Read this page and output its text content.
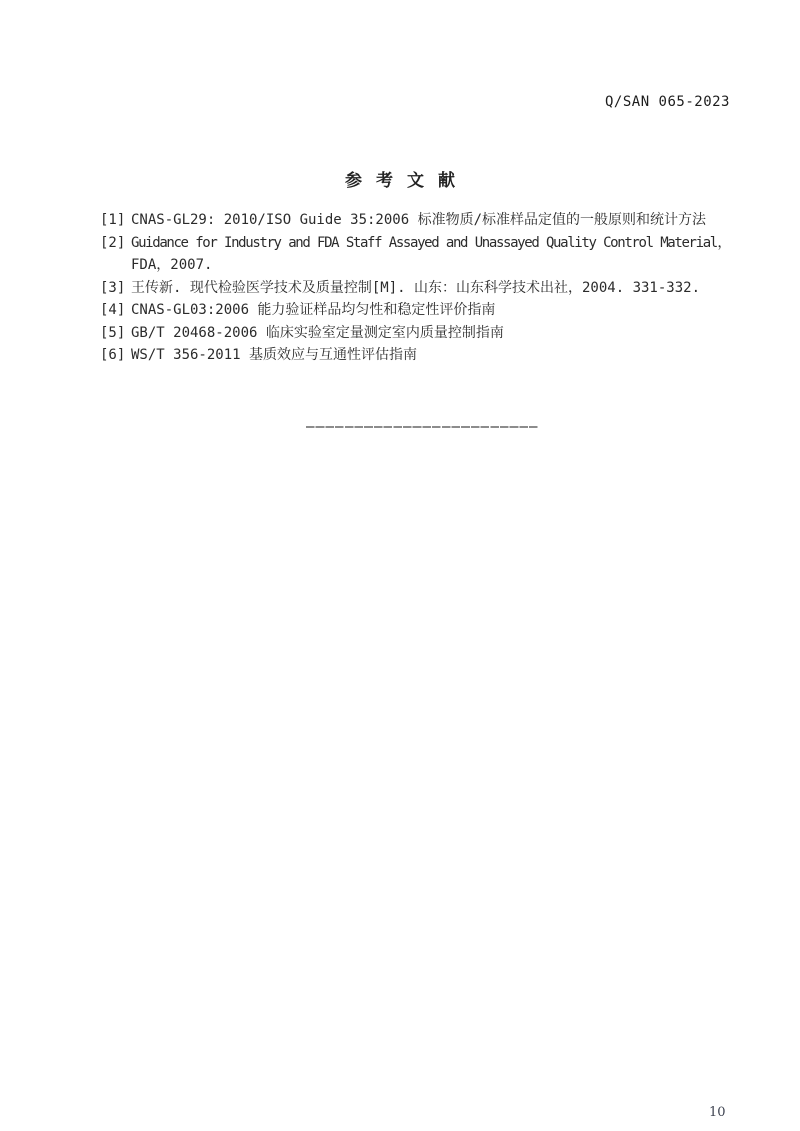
Q/SAN 065-2023
参考文献
[1] CNAS-GL29: 2010/ISO Guide 35:2006 标准物质/标准样品定值的一般原则和统计方法
[2] Guidance for Industry and FDA Staff Assayed and Unassayed Quality Control Material，
FDA，2007.
[3] 王传新. 现代检验医学技术及质量控制[M]. 山东：山东科学技术出社，2004. 331-332.
[4] CNAS-GL03:2006 能力验证样品均匀性和稳定性评价指南
[5] GB/T 20468-2006 临床实验室定量测定室内质量控制指南
[6] WS/T 356-2011 基质效应与互通性评估指南
10
